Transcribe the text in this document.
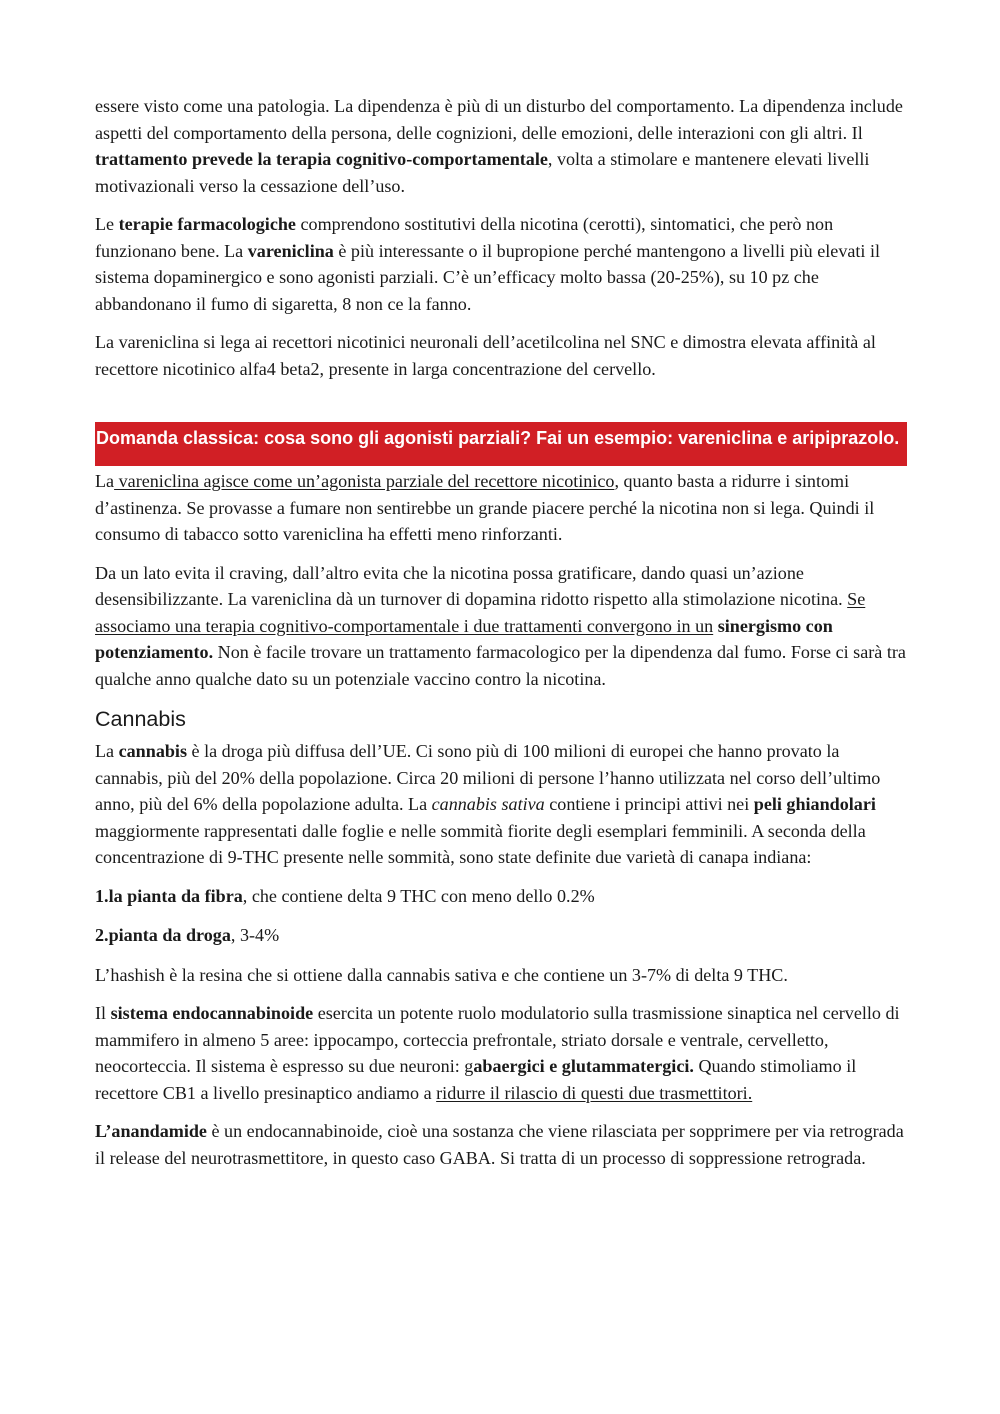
essere visto come una patologia. La dipendenza è più di un disturbo del comportamento. La dipendenza include aspetti del comportamento della persona, delle cognizioni, delle emozioni, delle interazioni con gli altri. Il trattamento prevede la terapia cognitivo-comportamentale, volta a stimolare e mantenere elevati livelli motivazionali verso la cessazione dell’uso.

Le terapie farmacologiche comprendono sostitutivi della nicotina (cerotti), sintomatici, che però non funzionano bene. La vareniclina è più interessante o il bupropione perché mantengono a livelli più elevati il sistema dopaminergico e sono agonisti parziali. C’è un’efficacy molto bassa (20-25%), su 10 pz che abbandonano il fumo di sigaretta, 8 non ce la fanno.

La vareniclina si lega ai recettori nicotinici neuronali dell’acetilcolina nel SNC e dimostra elevata affinità al recettore nicotinico alfa4 beta2, presente in larga concentrazione del cervello.

Domanda classica: cosa sono gli agonisti parziali? Fai un esempio: vareniclina e aripiprazolo.

La vareniclina agisce come un’agonista parziale del recettore nicotinico, quanto basta a ridurre i sintomi d’astinenza. Se provasse a fumare non sentirebbe un grande piacere perché la nicotina non si lega. Quindi il consumo di tabacco sotto vareniclina ha effetti meno rinforzanti.

Da un lato evita il craving, dall’altro evita che la nicotina possa gratificare, dando quasi un’azione desensibilizzante. La vareniclina dà un turnover di dopamina ridotto rispetto alla stimolazione nicotina. Se associamo una terapia cognitivo-comportamentale i due trattamenti convergono in un sinergismo con potenziamento. Non è facile trovare un trattamento farmacologico per la dipendenza dal fumo. Forse ci sarà tra qualche anno qualche dato su un potenziale vaccino contro la nicotina.

Cannabis

La cannabis è la droga più diffusa dell’UE. Ci sono più di 100 milioni di europei che hanno provato la cannabis, più del 20% della popolazione. Circa 20 milioni di persone l’hanno utilizzata nel corso dell’ultimo anno, più del 6% della popolazione adulta. La cannabis sativa contiene i principi attivi nei peli ghiandolari maggiormente rappresentati dalle foglie e nelle sommità fiorite degli esemplari femminili. A seconda della concentrazione di 9-THC presente nelle sommità, sono state definite due varietà di canapa indiana:

1.la pianta da fibra, che contiene delta 9 THC con meno dello 0.2%

2.pianta da droga, 3-4%

L’hashish è la resina che si ottiene dalla cannabis sativa e che contiene un 3-7% di delta 9 THC.

Il sistema endocannabinoide esercita un potente ruolo modulatorio sulla trasmissione sinaptica nel cervello di mammifero in almeno 5 aree: ippocampo, corteccia prefrontale, striato dorsale e ventrale, cervelletto, neocorteccia. Il sistema è espresso su due neuroni: gabaergici e glutammatergici. Quando stimoliamo il recettore CB1 a livello presinaptico andiamo a ridurre il rilascio di questi due trasmettitori.

L’anandamide è un endocannabinoide, cioè una sostanza che viene rilasciata per sopprimere per via retrograda il release del neurotrasmettitore, in questo caso GABA. Si tratta di un processo di soppressione retrograda.
